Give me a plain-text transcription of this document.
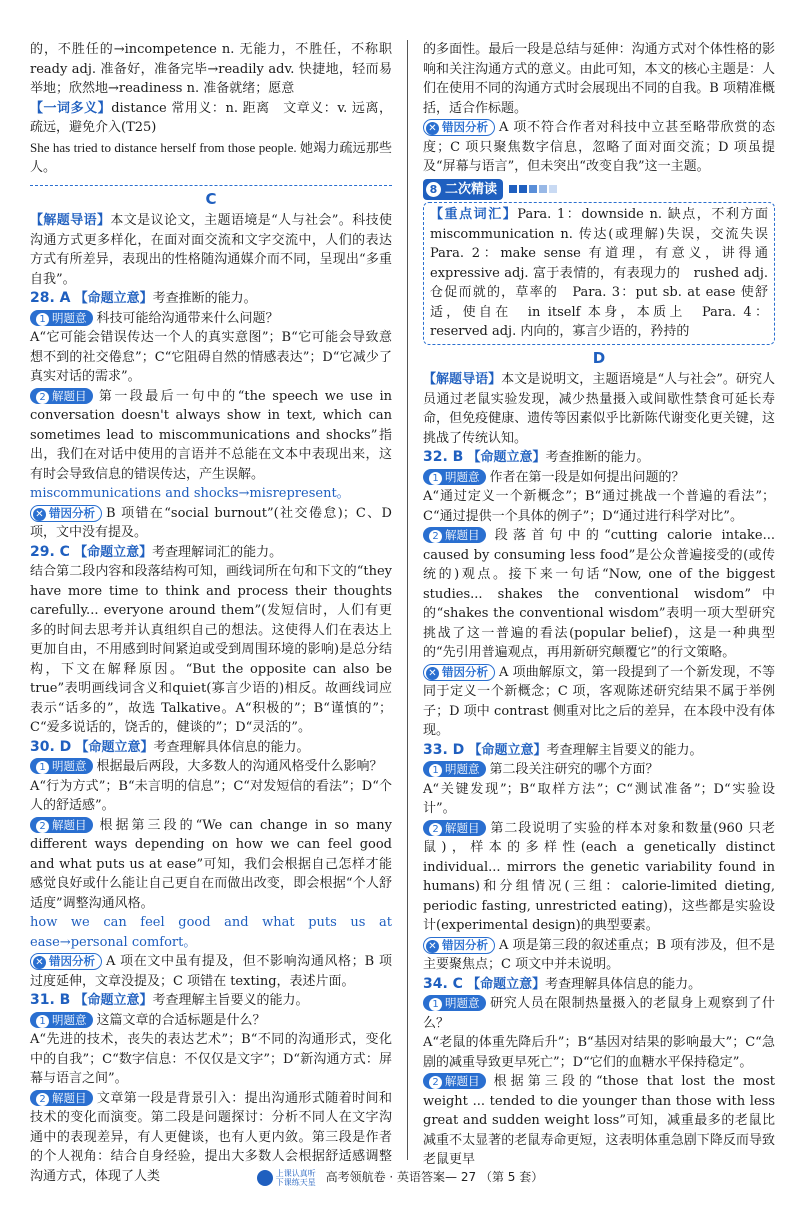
的，不胜任的→incompetence n. 无能力，不胜任，不称职 ready adj. 准备好，准备完毕→readily adv. 快捷地，轻而易举地；欣然地→readiness n. 准备就绪；愿意

【一词多义】distance 常用义：n. 距离　文章义：v. 远离，疏远，避免介入(T25)

She has tried to distance herself from those people. 她竭力疏远那些人。

C

【解题导语】本文是议论文，主题语境是“人与社会”。科技使沟通方式更多样化，在面对面交流和文字交流中，人们的表达方式有所差异，表现出的性格随沟通媒介而不同，呈现出“多重自我”。

28. A 【命题立意】考查推断的能力。

1 明题意 科技可能给沟通带来什么问题？

A“它可能会错误传达一个人的真实意图”；B“它可能会导致意想不到的社交倦怠”；C“它阻碍自然的情感表达”；D“它减少了真实对话的需求”。

2 解题目 第一段最后一句中的“the speech we use in conversation doesn't always show in text, which can sometimes lead to miscommunications and shocks”指出，我们在对话中使用的言语并不总能在文本中表现出来，这有时会导致信息的错误传达，产生误解。

miscommunications and shocks→misrepresent。

✕ 错因分析 B 项错在“social burnout”(社交倦怠)；C、D 项，文中没有提及。

29. C 【命题立意】考查理解词汇的能力。

结合第二段内容和段落结构可知，画线词所在句和下文的“they have more time to think and process their thoughts carefully... everyone around them”(发短信时，人们有更多的时间去思考并认真组织自己的想法。这使得人们在表达上更加自由，不用感到时间紧迫或受到周围环境的影响)是总分结构，下文在解释原因。“But the opposite can also be true”表明画线词含义和quiet(寡言少语的)相反。故画线词应表示“话多的”，故选 Talkative。A“积极的”；B“谨慎的”；C“爱多说话的，饶舌的，健谈的”；D“灵活的”。

30. D 【命题立意】考查理解具体信息的能力。

1 明题意 根据最后两段，大多数人的沟通风格受什么影响？

A“行为方式”；B“未言明的信息”；C“对发短信的看法”；D“个人的舒适感”。

2 解题目 根据第三段的“We can change in so many different ways depending on how we can feel good and what puts us at ease”可知，我们会根据自己怎样才能感觉良好或什么能让自己更自在而做出改变，即会根据“个人舒适度”调整沟通风格。

how we can feel good and what puts us at ease→personal comfort。

✕ 错因分析 A 项在文中虽有提及，但不影响沟通风格；B 项过度延伸，文章没提及；C 项错在 texting，表述片面。

31. B 【命题立意】考查理解主旨要义的能力。

1 明题意 这篇文章的合适标题是什么？

A“先进的技术，丧失的表达艺术”；B“不同的沟通形式，变化中的自我”；C“数字信息：不仅仅是文字”；D“新沟通方式：屏幕与语言之间”。

2 解题目 文章第一段是背景引入：提出沟通形式随着时间和技术的变化而演变。第二段是问题探讨：分析不同人在文字沟通中的表现差异，有人更健谈，也有人更内敛。第三段是作者的个人视角：结合自身经验，提出大多数人会根据舒适感调整沟通方式，体现了人类

的多面性。最后一段是总结与延伸：沟通方式对个体性格的影响和关注沟通方式的意义。由此可知，本文的核心主题是：人们在使用不同的沟通方式时会展现出不同的自我。B 项精准概括，适合作标题。

✕ 错因分析 A 项不符合作者对科技中立甚至略带欣赏的态度；C 项只聚焦数字信息，忽略了面对面交流；D 项虽提及“屏幕与语言”，但未突出“改变自我”这一主题。

8 二次精读

【重点词汇】Para. 1：downside n. 缺点，不利方面　miscommunication n. 传达(或理解)失误，交流失误　Para. 2：make sense 有道理，有意义，讲得通　expressive adj. 富于表情的，有表现力的　rushed adj. 仓促而就的，草率的　Para. 3：put sb. at ease 使舒适，使自在　in itself 本身，本质上　Para. 4：reserved adj. 内向的，寡言少语的，矜持的

D

【解题导语】本文是说明文，主题语境是“人与社会”。研究人员通过老鼠实验发现，减少热量摄入或间歇性禁食可延长寿命，但免疫健康、遗传等因素似乎比新陈代谢变化更关键，这挑战了传统认知。

32. B 【命题立意】考查推断的能力。

1 明题意 作者在第一段是如何提出问题的？

A“通过定义一个新概念”；B“通过挑战一个普遍的看法”；C“通过提供一个具体的例子”；D“通过进行科学对比”。

2 解题目 段落首句中的“cutting calorie intake... caused by consuming less food”是公众普遍接受的(或传统的)观点。接下来一句话“Now, one of the biggest studies... shakes the conventional wisdom”中的“shakes the conventional wisdom”表明一项大型研究挑战了这一普遍的看法(popular belief)，这是一种典型的“先引用普遍观点，再用新研究颠覆它”的行文策略。

✕ 错因分析 A 项曲解原文，第一段提到了一个新发现，不等同于定义一个新概念；C 项，客观陈述研究结果不属于举例子；D 项中 contrast 侧重对比之后的差异，在本段中没有体现。

33. D 【命题立意】考查理解主旨要义的能力。

1 明题意 第二段关注研究的哪个方面？

A“关键发现”；B“取样方法”；C“测试准备”；D“实验设计”。

2 解题目 第二段说明了实验的样本对象和数量(960 只老鼠)，样本的多样性(each a genetically distinct individual... mirrors the genetic variability found in humans)和分组情况(三组：calorie-limited dieting, periodic fasting, unrestricted eating)，这些都是实验设计(experimental design)的典型要素。

✕ 错因分析 A 项是第三段的叙述重点；B 项有涉及，但不是主要聚焦点；C 项文中并未说明。

34. C 【命题立意】考查理解具体信息的能力。

1 明题意 研究人员在限制热量摄入的老鼠身上观察到了什么？

A“老鼠的体重先降后升”；B“基因对结果的影响最大”；C“急剧的减重导致更早死亡”；D“它们的血糖水平保持稳定”。

2 解题目 根据第三段的“those that lost the most weight ... tended to die younger than those with less great and sudden weight loss”可知，减重最多的老鼠比减重不太显著的老鼠寿命更短，这表明体重急剧下降反而导致老鼠更早

上课认真听
下课练天星 高考领航卷 · 英语答案— 27 （第 5 套）
